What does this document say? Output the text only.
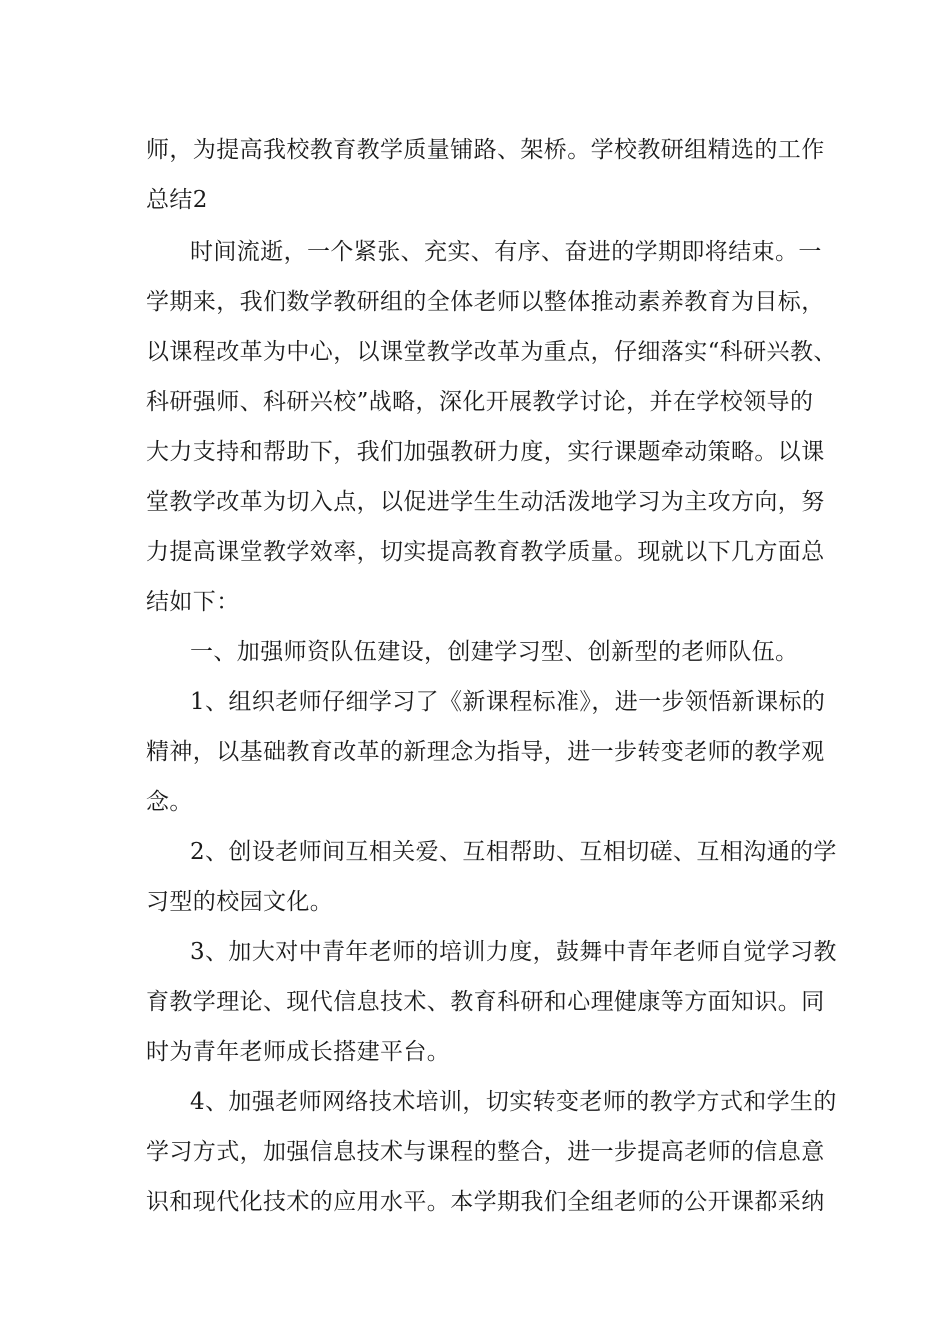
师，为提高我校教育教学质量铺路、架桥。学校教研组精选的工作
总结2
时间流逝，一个紧张、充实、有序、奋进的学期即将结束。一
学期来，我们数学教研组的全体老师以整体推动素养教育为目标，
以课程改革为中心，以课堂教学改革为重点，仔细落实“科研兴教、
科研强师、科研兴校”战略，深化开展教学讨论，并在学校领导的
大力支持和帮助下，我们加强教研力度，实行课题牵动策略。以课
堂教学改革为切入点，以促进学生生动活泼地学习为主攻方向，努
力提高课堂教学效率，切实提高教育教学质量。现就以下几方面总
结如下：
一、加强师资队伍建设，创建学习型、创新型的老师队伍。
1、组织老师仔细学习了《新课程标准》，进一步领悟新课标的
精神，以基础教育改革的新理念为指导，进一步转变老师的教学观
念。
2、创设老师间互相关爱、互相帮助、互相切磋、互相沟通的学
习型的校园文化。
3、加大对中青年老师的培训力度，鼓舞中青年老师自觉学习教
育教学理论、现代信息技术、教育科研和心理健康等方面知识。同
时为青年老师成长搭建平台。
4、加强老师网络技术培训，切实转变老师的教学方式和学生的
学习方式，加强信息技术与课程的整合，进一步提高老师的信息意
识和现代化技术的应用水平。本学期我们全组老师的公开课都采纳
